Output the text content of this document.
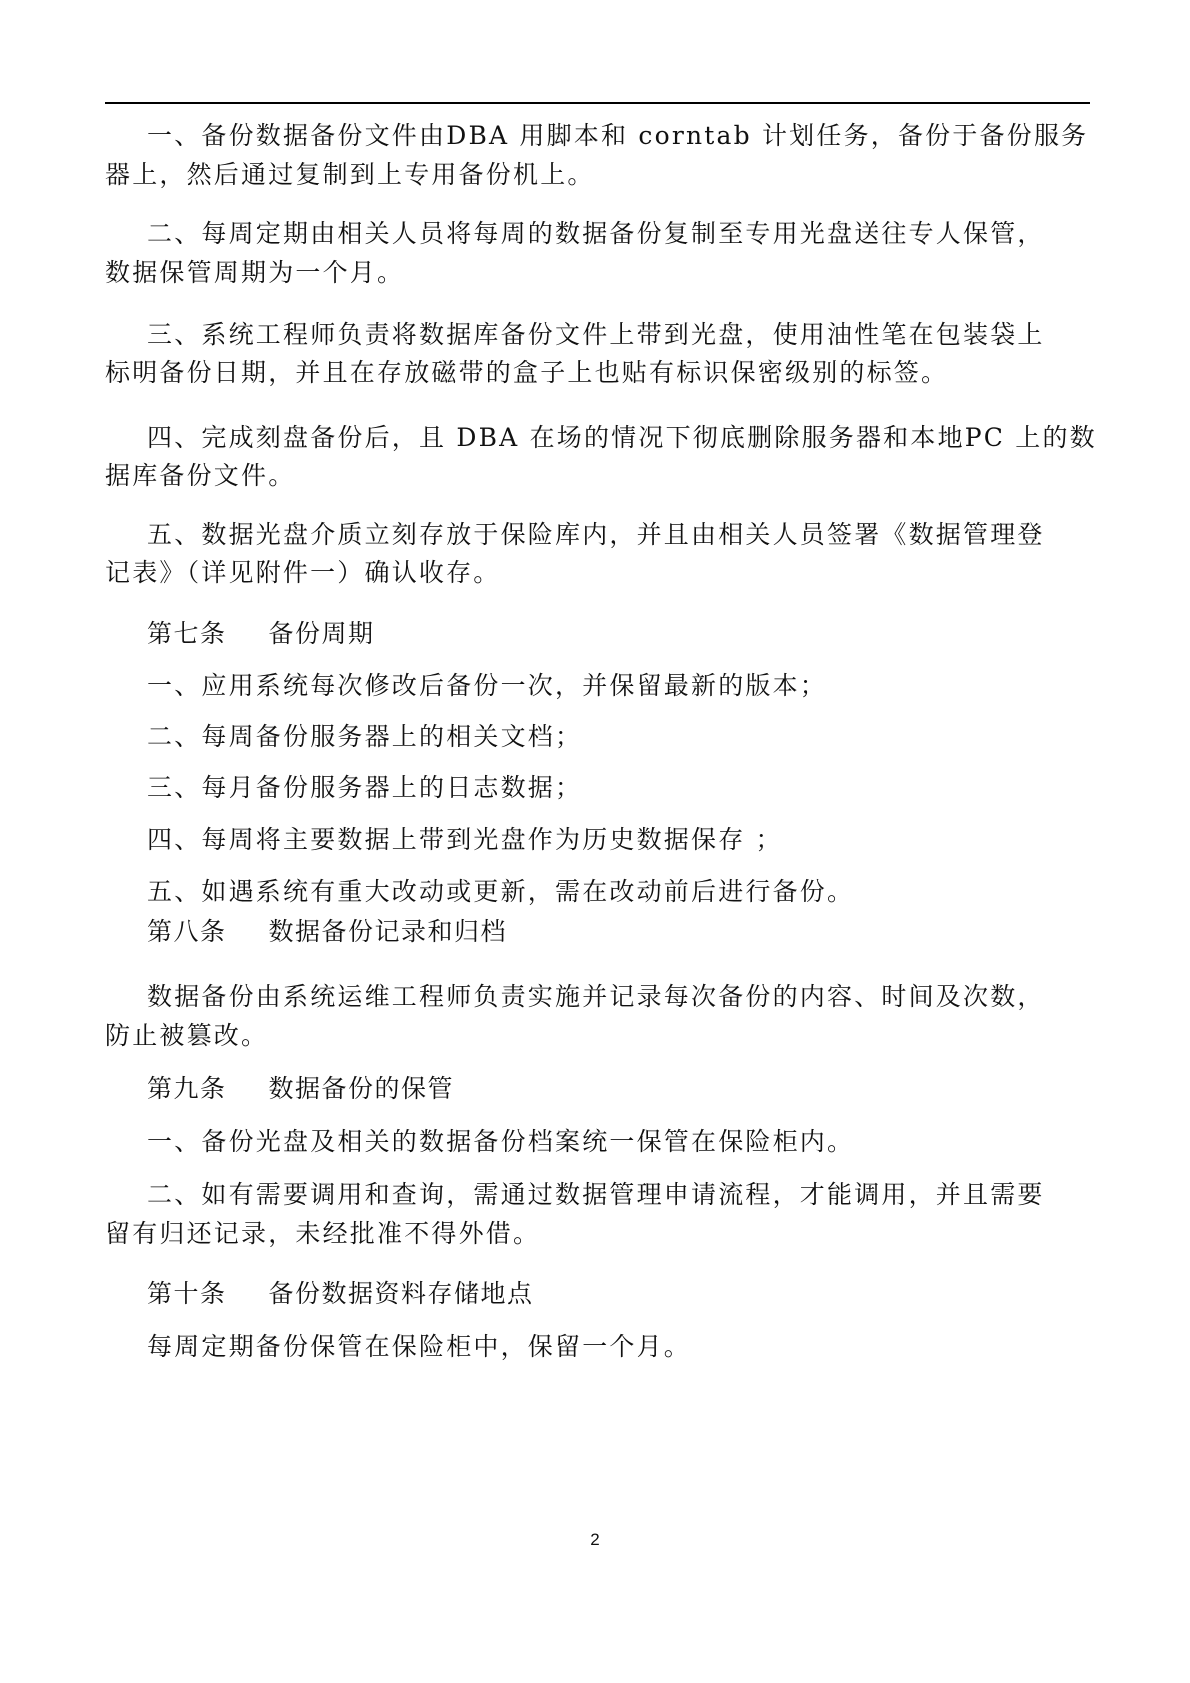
一、备份数据备份文件由DBA 用脚本和 corntab 计划任务，备份于备份服务

器上，然后通过复制到上专用备份机上。

二、每周定期由相关人员将每周的数据备份复制至专用光盘送往专人保管，

数据保管周期为一个月。

三、系统工程师负责将数据库备份文件上带到光盘，使用油性笔在包装袋上

标明备份日期，并且在存放磁带的盒子上也贴有标识保密级别的标签。

四、完成刻盘备份后，且 DBA 在场的情况下彻底删除服务器和本地PC 上的数

据库备份文件。

五、数据光盘介质立刻存放于保险库内，并且由相关人员签署《数据管理登

记表》（详见附件一）确认收存。

第七条 备份周期

一、应用系统每次修改后备份一次，并保留最新的版本；

二、每周备份服务器上的相关文档；

三、每月备份服务器上的日志数据；

四、每周将主要数据上带到光盘作为历史数据保存 ；

五、如遇系统有重大改动或更新，需在改动前后进行备份。

第八条 数据备份记录和归档

数据备份由系统运维工程师负责实施并记录每次备份的内容、时间及次数，

防止被篡改。

第九条 数据备份的保管

一、备份光盘及相关的数据备份档案统一保管在保险柜内。

二、如有需要调用和查询，需通过数据管理申请流程，才能调用，并且需要

留有归还记录，未经批准不得外借。

第十条 备份数据资料存储地点

每周定期备份保管在保险柜中，保留一个月。

2
